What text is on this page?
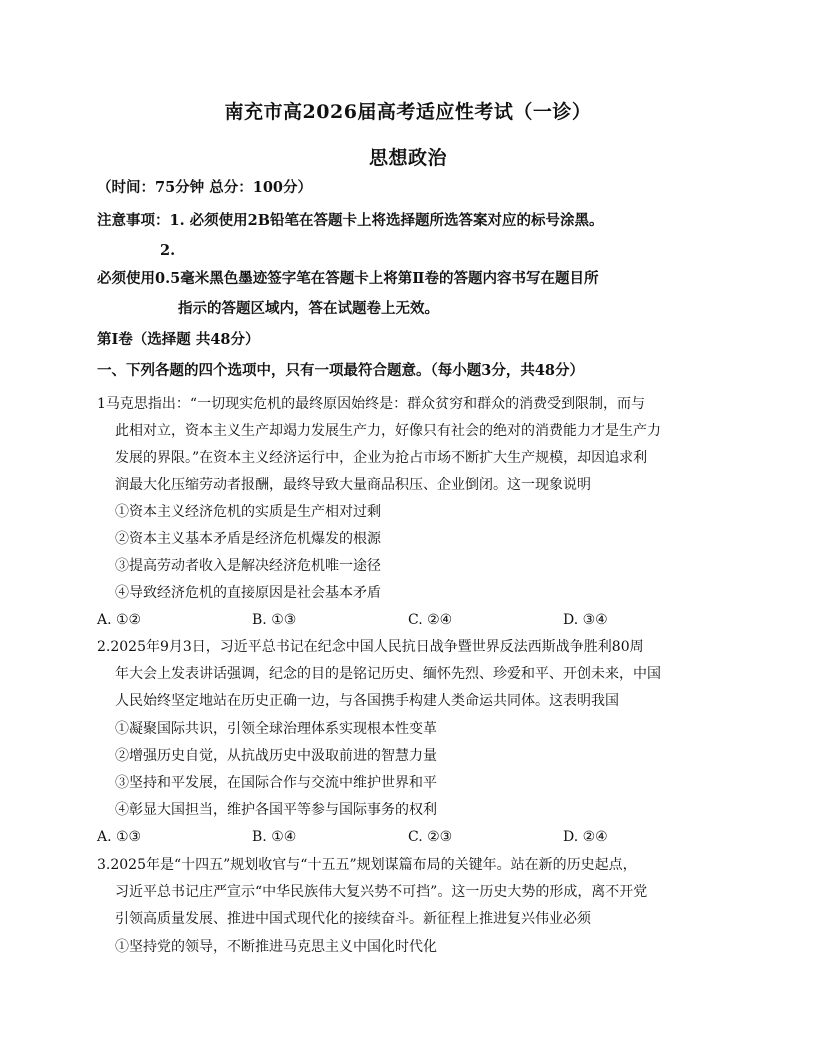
南充市高2026届高考适应性考试（一诊）
思想政治
（时间：75分钟 总分：100分）
注意事项：1. 必须使用2B铅笔在答题卡上将选择题所选答案对应的标号涂黑。
2.
必须使用0.5毫米黑色墨迹签字笔在答题卡上将第Ⅱ卷的答题内容书写在题目所
指示的答题区域内，答在试题卷上无效。
第Ⅰ卷（选择题 共48分）
一、下列各题的四个选项中，只有一项最符合题意。（每小题3分，共48分）
1马克思指出：“一切现实危机的最终原因始终是：群众贫穷和群众的消费受到限制，而与
此相对立，资本主义生产却竭力发展生产力，好像只有社会的绝对的消费能力才是生产力
发展的界限。”在资本主义经济运行中，企业为抢占市场不断扩大生产规模，却因追求利
润最大化压缩劳动者报酬，最终导致大量商品积压、企业倒闭。这一现象说明
①资本主义经济危机的实质是生产相对过剩
②资本主义基本矛盾是经济危机爆发的根源
③提高劳动者收入是解决经济危机唯一途径
④导致经济危机的直接原因是社会基本矛盾
A. ①②	B. ①③	C. ②④	D. ③④
2.2025年9月3日，习近平总书记在纪念中国人民抗日战争暨世界反法西斯战争胜利80周
年大会上发表讲话强调，纪念的目的是铭记历史、缅怀先烈、珍爱和平、开创未来，中国
人民始终坚定地站在历史正确一边，与各国携手构建人类命运共同体。这表明我国
①凝聚国际共识，引领全球治理体系实现根本性变革
②增强历史自觉，从抗战历史中汲取前进的智慧力量
③坚持和平发展，在国际合作与交流中维护世界和平
④彰显大国担当，维护各国平等参与国际事务的权利
A. ①③	B. ①④	C. ②③	D. ②④
3.2025年是“十四五”规划收官与“十五五”规划谋篇布局的关键年。站在新的历史起点，
习近平总书记庄严宣示“中华民族伟大复兴势不可挡”。这一历史大势的形成，离不开党
引领高质量发展、推进中国式现代化的接续奋斗。新征程上推进复兴伟业必须
①坚持党的领导，不断推进马克思主义中国化时代化
